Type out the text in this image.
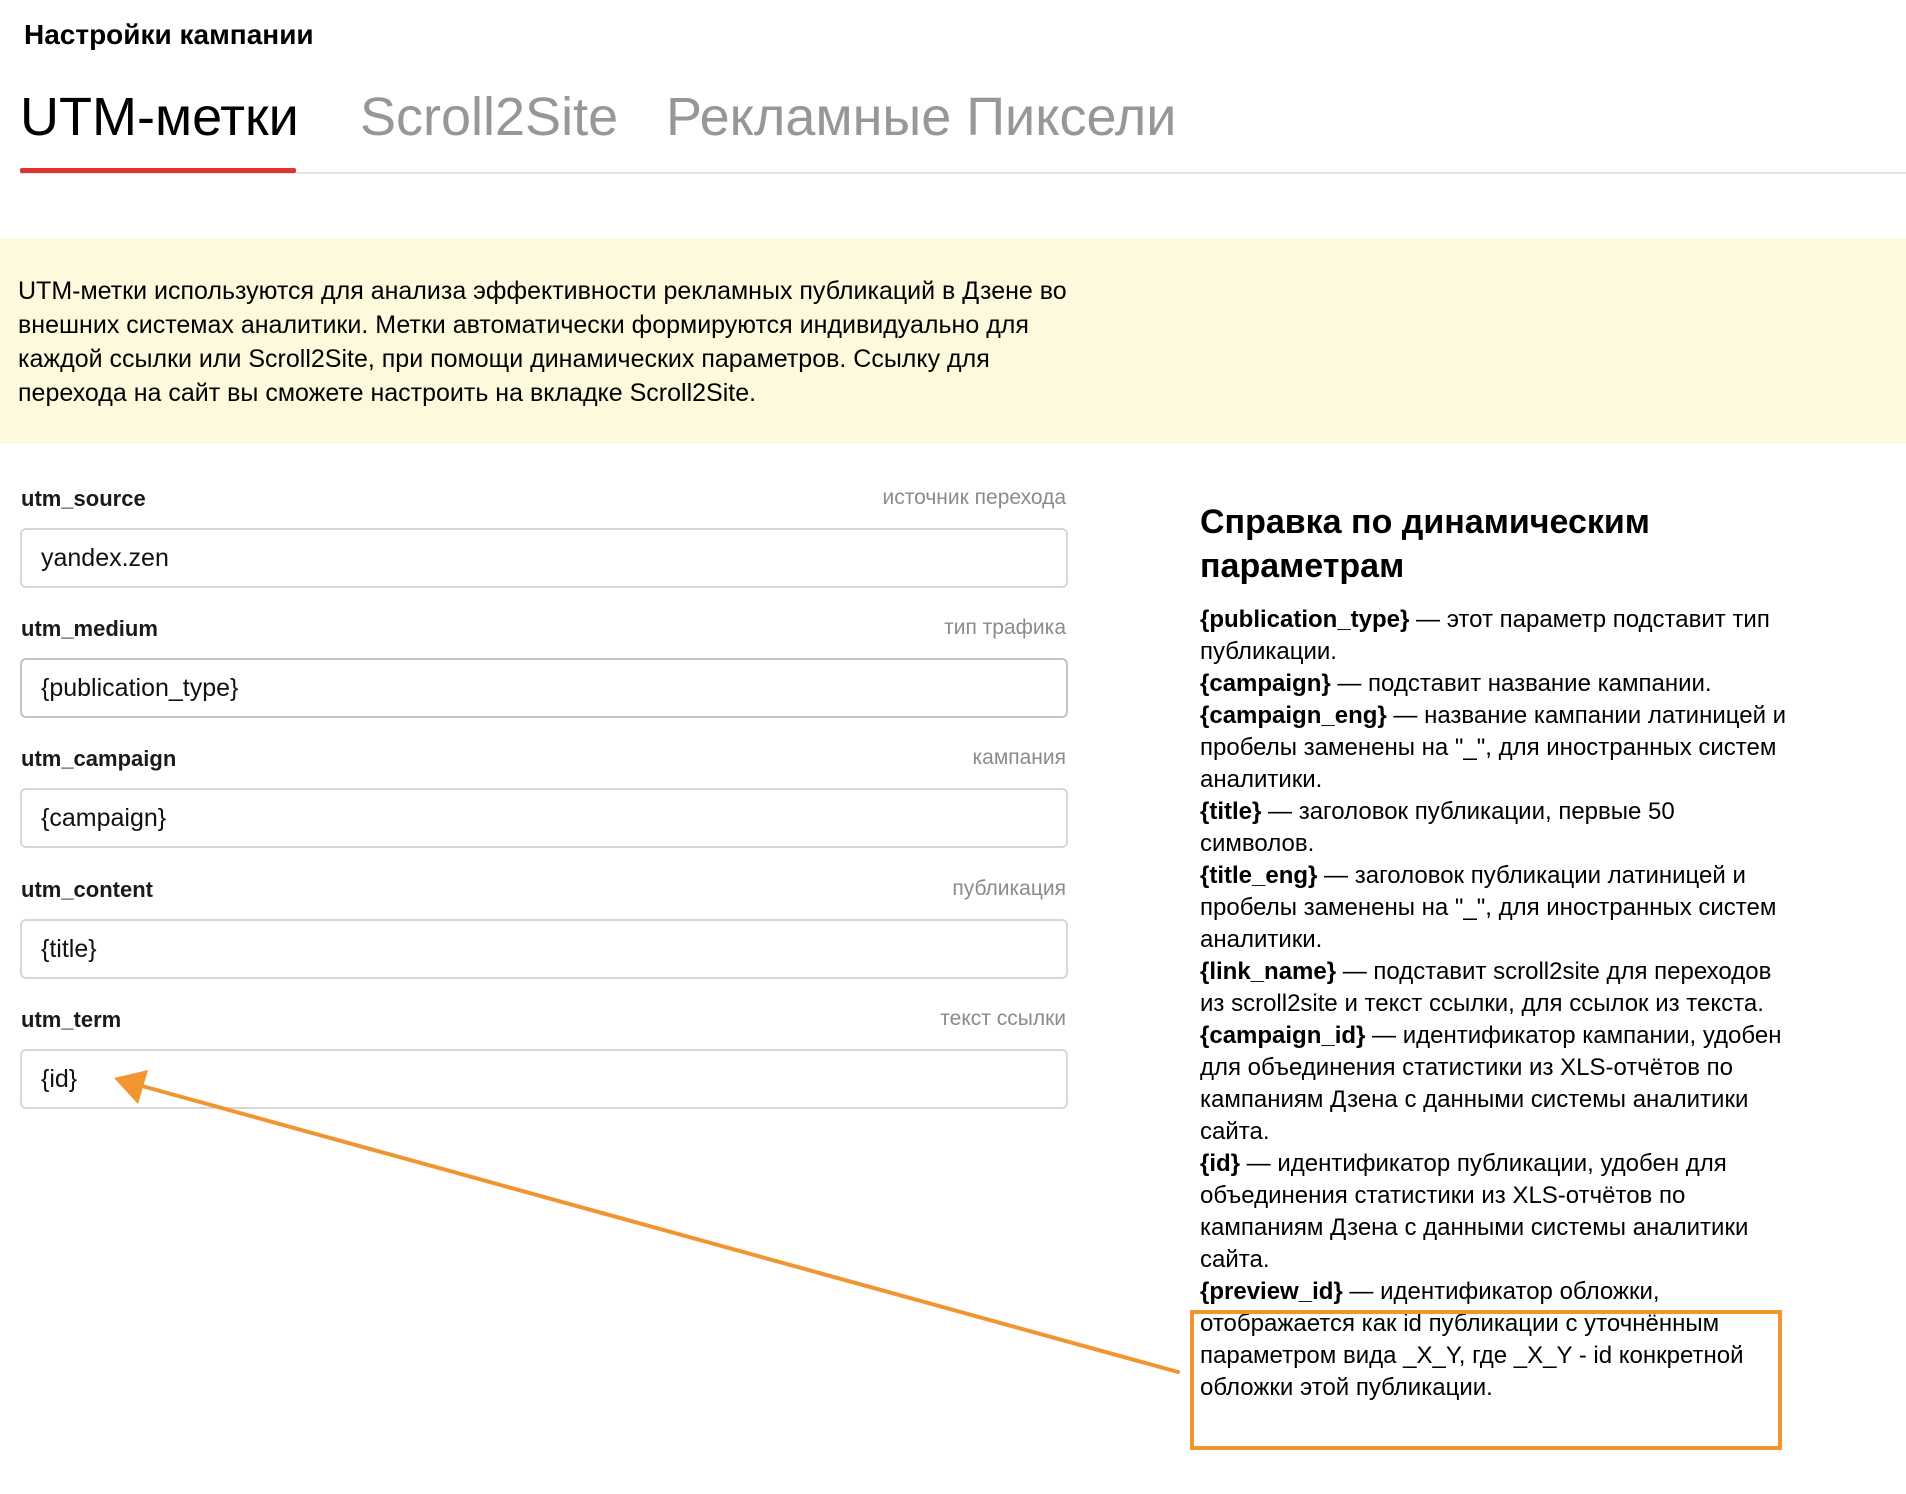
Настройки кампании
UTM-метки Scroll2Site Рекламные Пиксели

UTM-метки используются для анализа эффективности рекламных публикаций в Дзене во внешних системах аналитики. Метки автоматически формируются индивидуально для каждой ссылки или Scroll2Site, при помощи динамических параметров. Ссылку для перехода на сайт вы сможете настроить на вкладке Scroll2Site.

utm_source	источник перехода
yandex.zen
utm_medium	тип трафика
{publication_type}
utm_campaign	кампания
{campaign}
utm_content	публикация
{title}
utm_term	текст ссылки
{id}
Справка по динамическим параметрам

{publication_type} — этот параметр подставит тип публикации.

{campaign} — подставит название кампании.

{campaign_eng} — название кампании латиницей и пробелы заменены на "_", для иностранных систем аналитики.

{title} — заголовок публикации, первые 50 символов.

{title_eng} — заголовок публикации латиницей и пробелы заменены на "_", для иностранных систем аналитики.

{link_name} — подставит scroll2site для переходов из scroll2site и текст ссылки, для ссылок из текста.

{campaign_id} — идентификатор кампании, удобен для объединения статистики из XLS-отчётов по кампаниям Дзена с данными системы аналитики сайта.

{id} — идентификатор публикации, удобен для объединения статистики из XLS-отчётов по кампаниям Дзена с данными системы аналитики сайта.

{preview_id} — идентификатор обложки, отображается как id публикации с уточнённым параметром вида _X_Y, где _X_Y - id конкретной обложки этой публикации.
